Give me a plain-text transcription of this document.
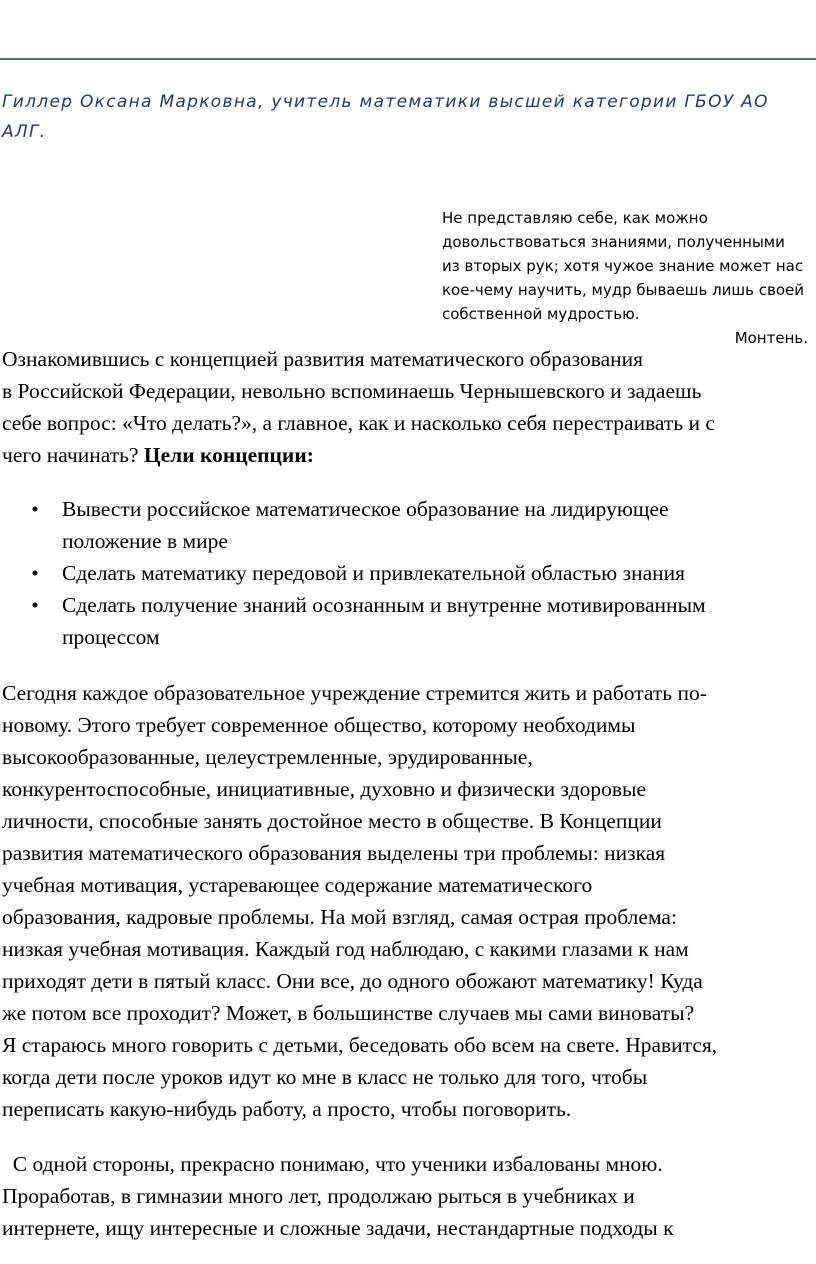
Гиллер Оксана Марковна, учитель математики высшей категории ГБОУ АО

АЛГ.

Не представляю себе, как можно
довольствоваться знаниями, полученными
из вторых рук; хотя чужое знание может нас
кое-чему научить, мудр бываешь лишь своей
собственной мудростью.
Монтень.
Ознакомившись с концепцией развития математического образования
в Российской Федерации, невольно вспоминаешь Чернышевского и задаешь
себе вопрос: «Что делать?», а главное, как и насколько себя перестраивать и с
чего начинать? Цели концепции:
• Вывести российское математическое образование на лидирующее
положение в мире
• Сделать математику передовой и привлекательной областью знания
• Сделать получение знаний осознанным и внутренне мотивированным
процессом
Сегодня каждое образовательное учреждение стремится жить и работать по-
новому. Этого требует современное общество, которому необходимы
высокообразованные, целеустремленные, эрудированные,
конкурентоспособные, инициативные, духовно и физически здоровые
личности, способные занять достойное место в обществе. В Концепции
развития математического образования выделены три проблемы: низкая
учебная мотивация, устаревающее содержание математического
образования, кадровые проблемы. На мой взгляд, самая острая проблема:
низкая учебная мотивация. Каждый год наблюдаю, с какими глазами к нам
приходят дети в пятый класс. Они все, до одного обожают математику! Куда
же потом все проходит? Может, в большинстве случаев мы сами виноваты?
Я стараюсь много говорить с детьми, беседовать обо всем на свете. Нравится,
когда дети после уроков идут ко мне в класс не только для того, чтобы
переписать какую-нибудь работу, а просто, чтобы поговорить.
С одной стороны, прекрасно понимаю, что ученики избалованы мною.
Проработав, в гимназии много лет, продолжаю рыться в учебниках и
интернете, ищу интересные и сложные задачи, нестандартные подходы к
